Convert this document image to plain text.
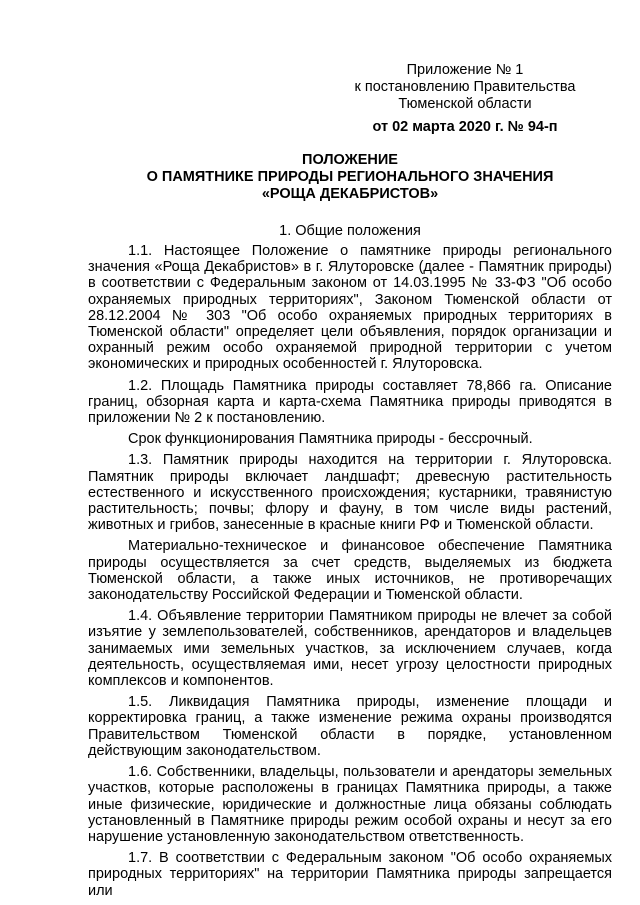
Приложение № 1
к постановлению Правительства
Тюменской области
от 02 марта 2020 г. № 94-п
ПОЛОЖЕНИЕ
О ПАМЯТНИКЕ ПРИРОДЫ РЕГИОНАЛЬНОГО ЗНАЧЕНИЯ
«РОЩА ДЕКАБРИСТОВ»
1. Общие положения

1.1. Настоящее Положение о памятнике природы регионального значения «Роща Декабристов» в г. Ялуторовске (далее - Памятник природы) в соответствии с Федеральным законом от 14.03.1995 № 33-ФЗ "Об особо охраняемых природных территориях", Законом Тюменской области от 28.12.2004 № 303 "Об особо охраняемых природных территориях в Тюменской области" определяет цели объявления, порядок организации и охранный режим особо охраняемой природной территории с учетом экономических и природных особенностей г. Ялуторовска.

1.2. Площадь Памятника природы составляет 78,866 га. Описание границ, обзорная карта и карта-схема Памятника природы приводятся в приложении № 2 к постановлению.

Срок функционирования Памятника природы - бессрочный.

1.3. Памятник природы находится на территории г. Ялуторовска. Памятник природы включает ландшафт; древесную растительность естественного и искусственного происхождения; кустарники, травянистую растительность; почвы; флору и фауну, в том числе виды растений, животных и грибов, занесенные в красные книги РФ и Тюменской области.

Материально-техническое и финансовое обеспечение Памятника природы осуществляется за счет средств, выделяемых из бюджета Тюменской области, а также иных источников, не противоречащих законодательству Российской Федерации и Тюменской области.

1.4. Объявление территории Памятником природы не влечет за собой изъятие у землепользователей, собственников, арендаторов и владельцев занимаемых ими земельных участков, за исключением случаев, когда деятельность, осуществляемая ими, несет угрозу целостности природных комплексов и компонентов.

1.5. Ликвидация Памятника природы, изменение площади и корректировка границ, а также изменение режима охраны производятся Правительством Тюменской области в порядке, установленном действующим законодательством.

1.6. Собственники, владельцы, пользователи и арендаторы земельных участков, которые расположены в границах Памятника природы, а также иные физические, юридические и должностные лица обязаны соблюдать установленный в Памятнике природы режим особой охраны и несут за его нарушение установленную законодательством ответственность.

1.7. В соответствии с Федеральным законом "Об особо охраняемых природных территориях" на территории Памятника природы запрещается или
